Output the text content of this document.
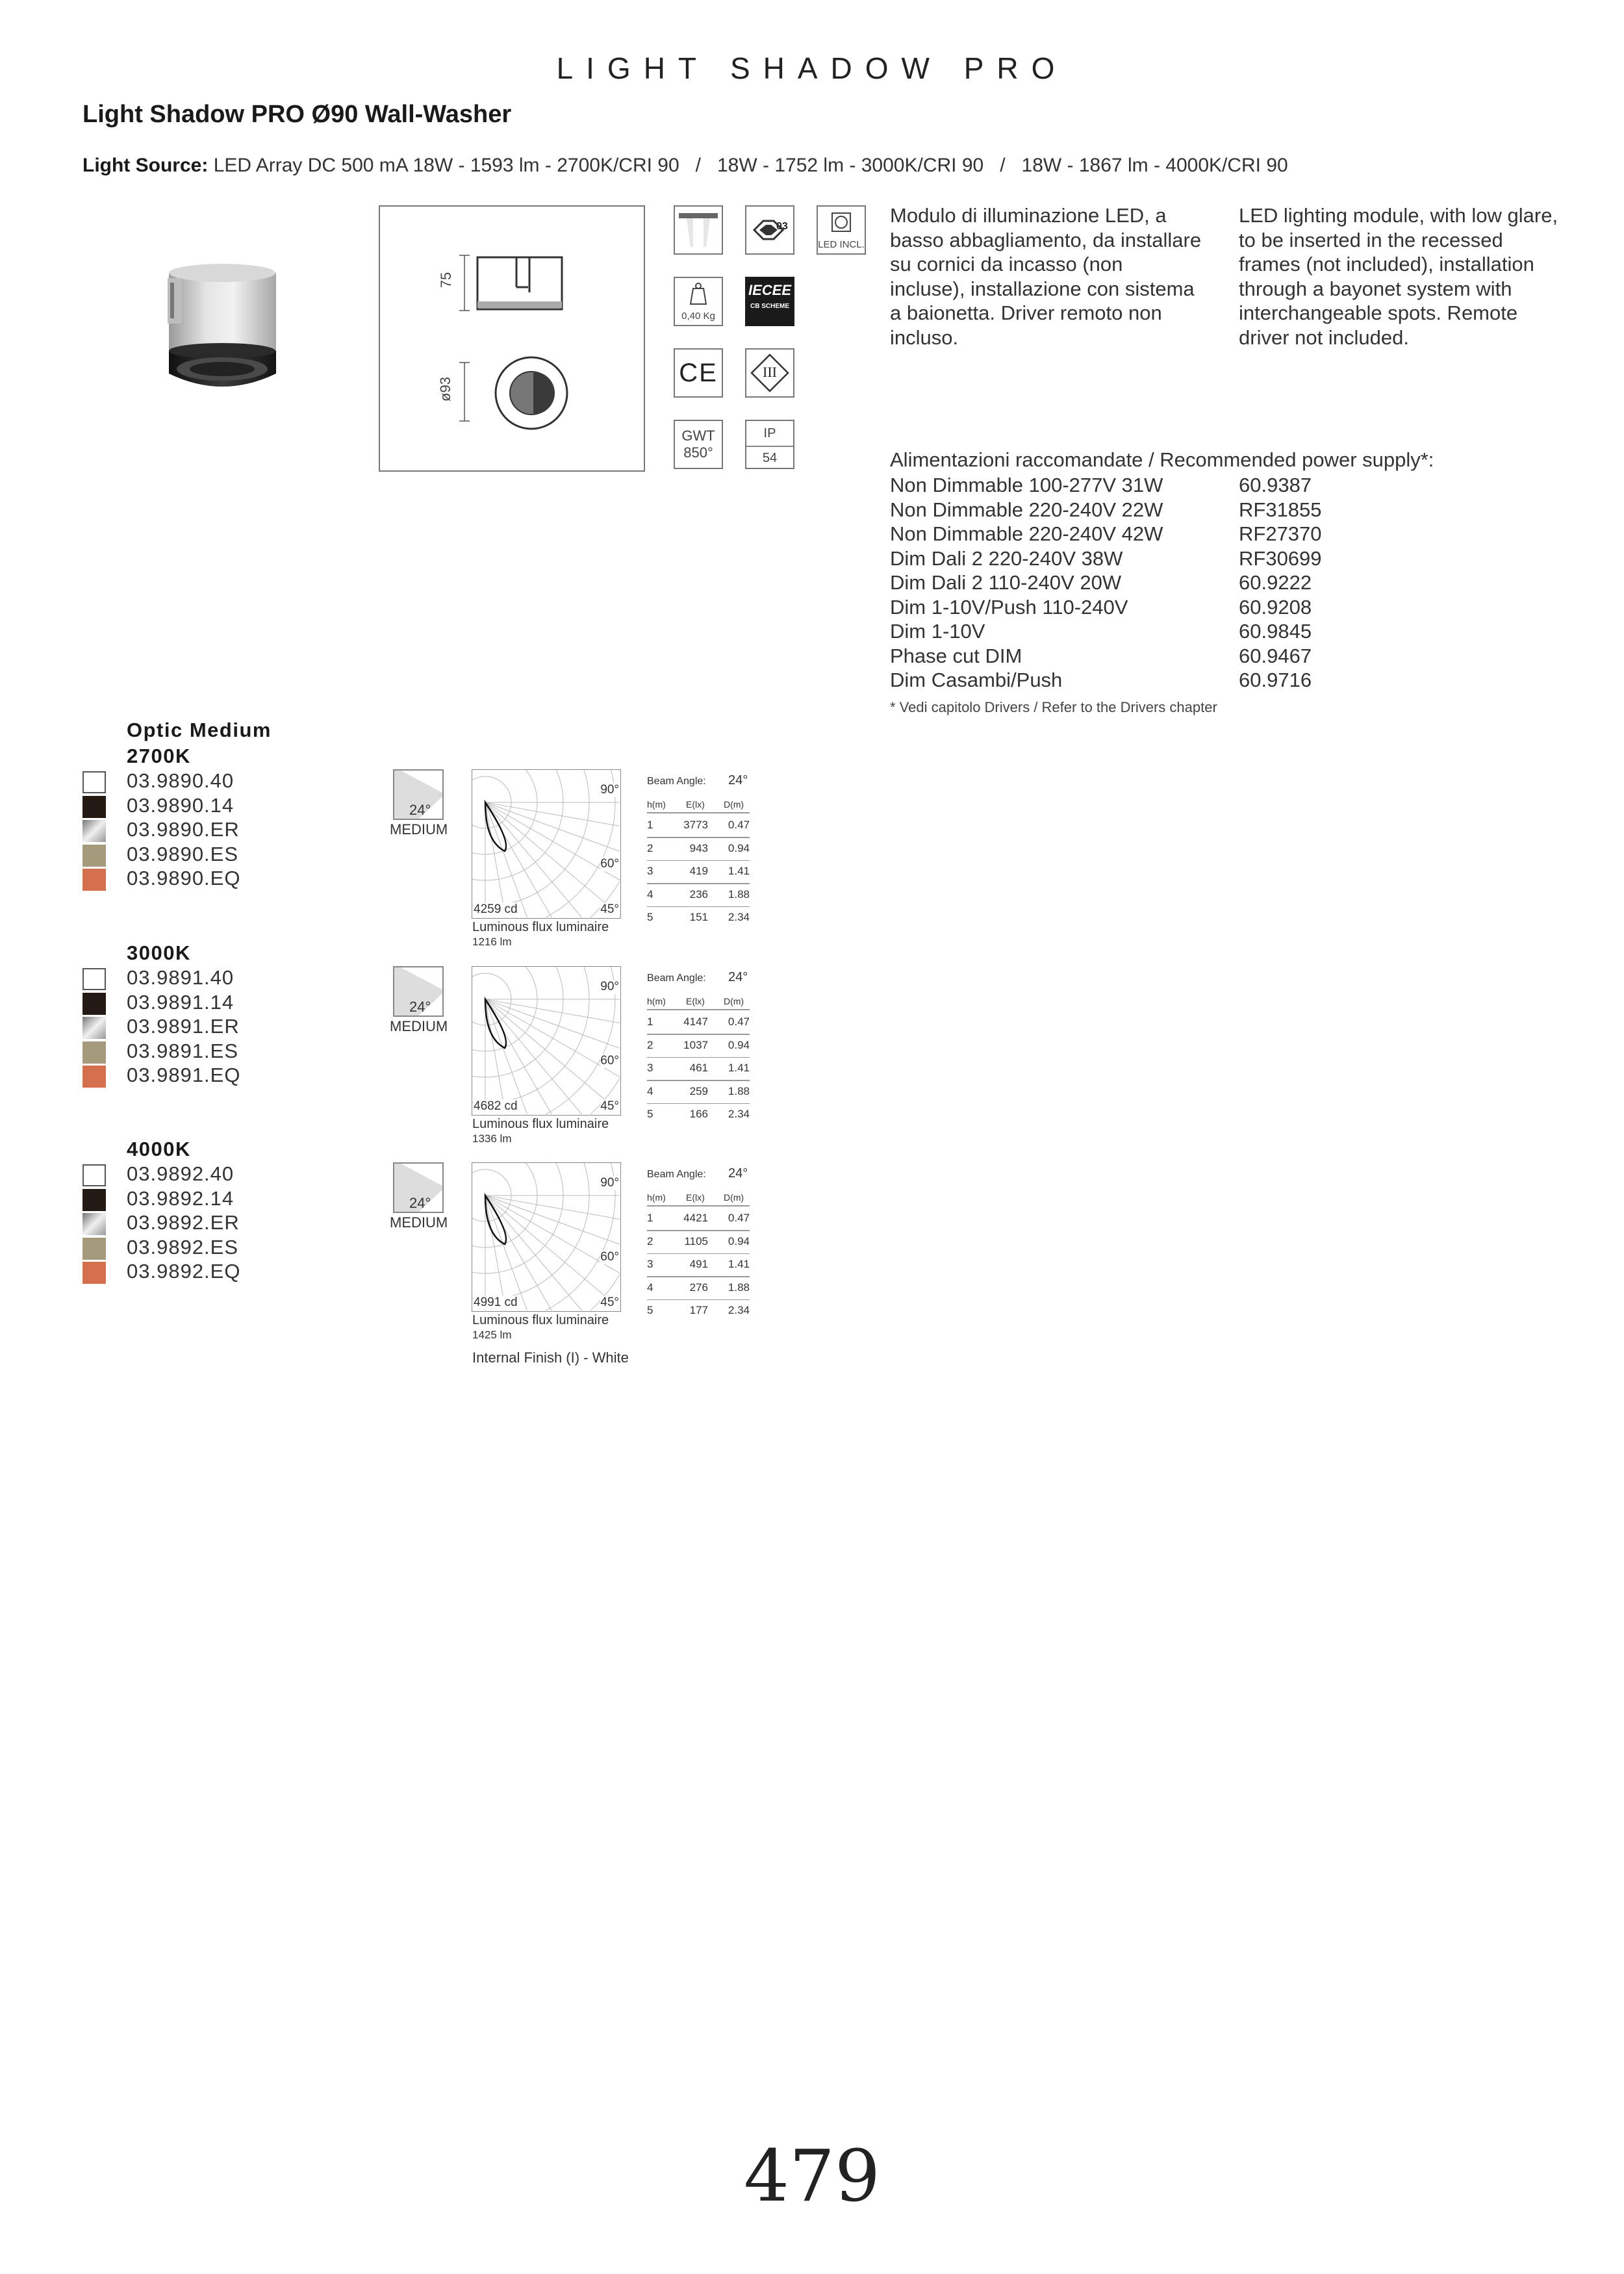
LIGHT SHADOW PRO
Light Shadow PRO Ø90 Wall-Washer
Light Source: LED Array DC 500 mA 18W - 1593 lm - 2700K/CRI 90   /   18W - 1752 lm - 3000K/CRI 90   /   18W - 1867 lm - 4000K/CRI 90
75
ø93
03
LED INCL.
0,40 Kg
IECEE
CB SCHEME
CE	III
GWT
850°
IP
54
Modulo di illuminazione LED, a
basso abbagliamento, da installare
su cornici da incasso (non
incluse), installazione con sistema
a baionetta. Driver remoto non
incluso.
LED lighting module, with low glare,
to be inserted in the recessed
frames (not included), installation
through a bayonet system with
interchangeable spots. Remote
driver not included.
Alimentazioni raccomandate / Recommended power supply*:
Non Dimmable 100-277V 31W	60.9387
Non Dimmable 220-240V 22W	RF31855
Non Dimmable 220-240V 42W	RF27370
Dim Dali 2 220-240V 38W	RF30699
Dim Dali 2 110-240V 20W	60.9222
Dim 1-10V/Push 110-240V	60.9208
Dim 1-10V	60.9845
Phase cut DIM	60.9467
Dim Casambi/Push	60.9716
* Vedi capitolo Drivers / Refer to the Drivers chapter
Optic Medium
2700K
03.9890.40
03.9890.14
03.9890.ER
03.9890.ES
03.9890.EQ
24°
MEDIUM
90°
60°
45°
4259 cd
Luminous flux luminaire
1216 lm
Beam Angle: 24°
h(m) E(lx) D(m)
1	3773	0.47
2	943	0.94
3	419	1.41
4	236	1.88
5	151	2.34
3000K
03.9891.40
03.9891.14
03.9891.ER
03.9891.ES
03.9891.EQ
24°
MEDIUM
90°
60°
45°
4682 cd
Luminous flux luminaire
1336 lm
Beam Angle: 24°
h(m) E(lx) D(m)
1	4147	0.47
2	1037	0.94
3	461	1.41
4	259	1.88
5	166	2.34
4000K
03.9892.40
03.9892.14
03.9892.ER
03.9892.ES
03.9892.EQ
24°
MEDIUM
90°
60°
45°
4991 cd
Luminous flux luminaire
1425 lm
Beam Angle: 24°
h(m) E(lx) D(m)
1	4421	0.47
2	1105	0.94
3	491	1.41
4	276	1.88
5	177	2.34
Internal Finish (I) - White
479
